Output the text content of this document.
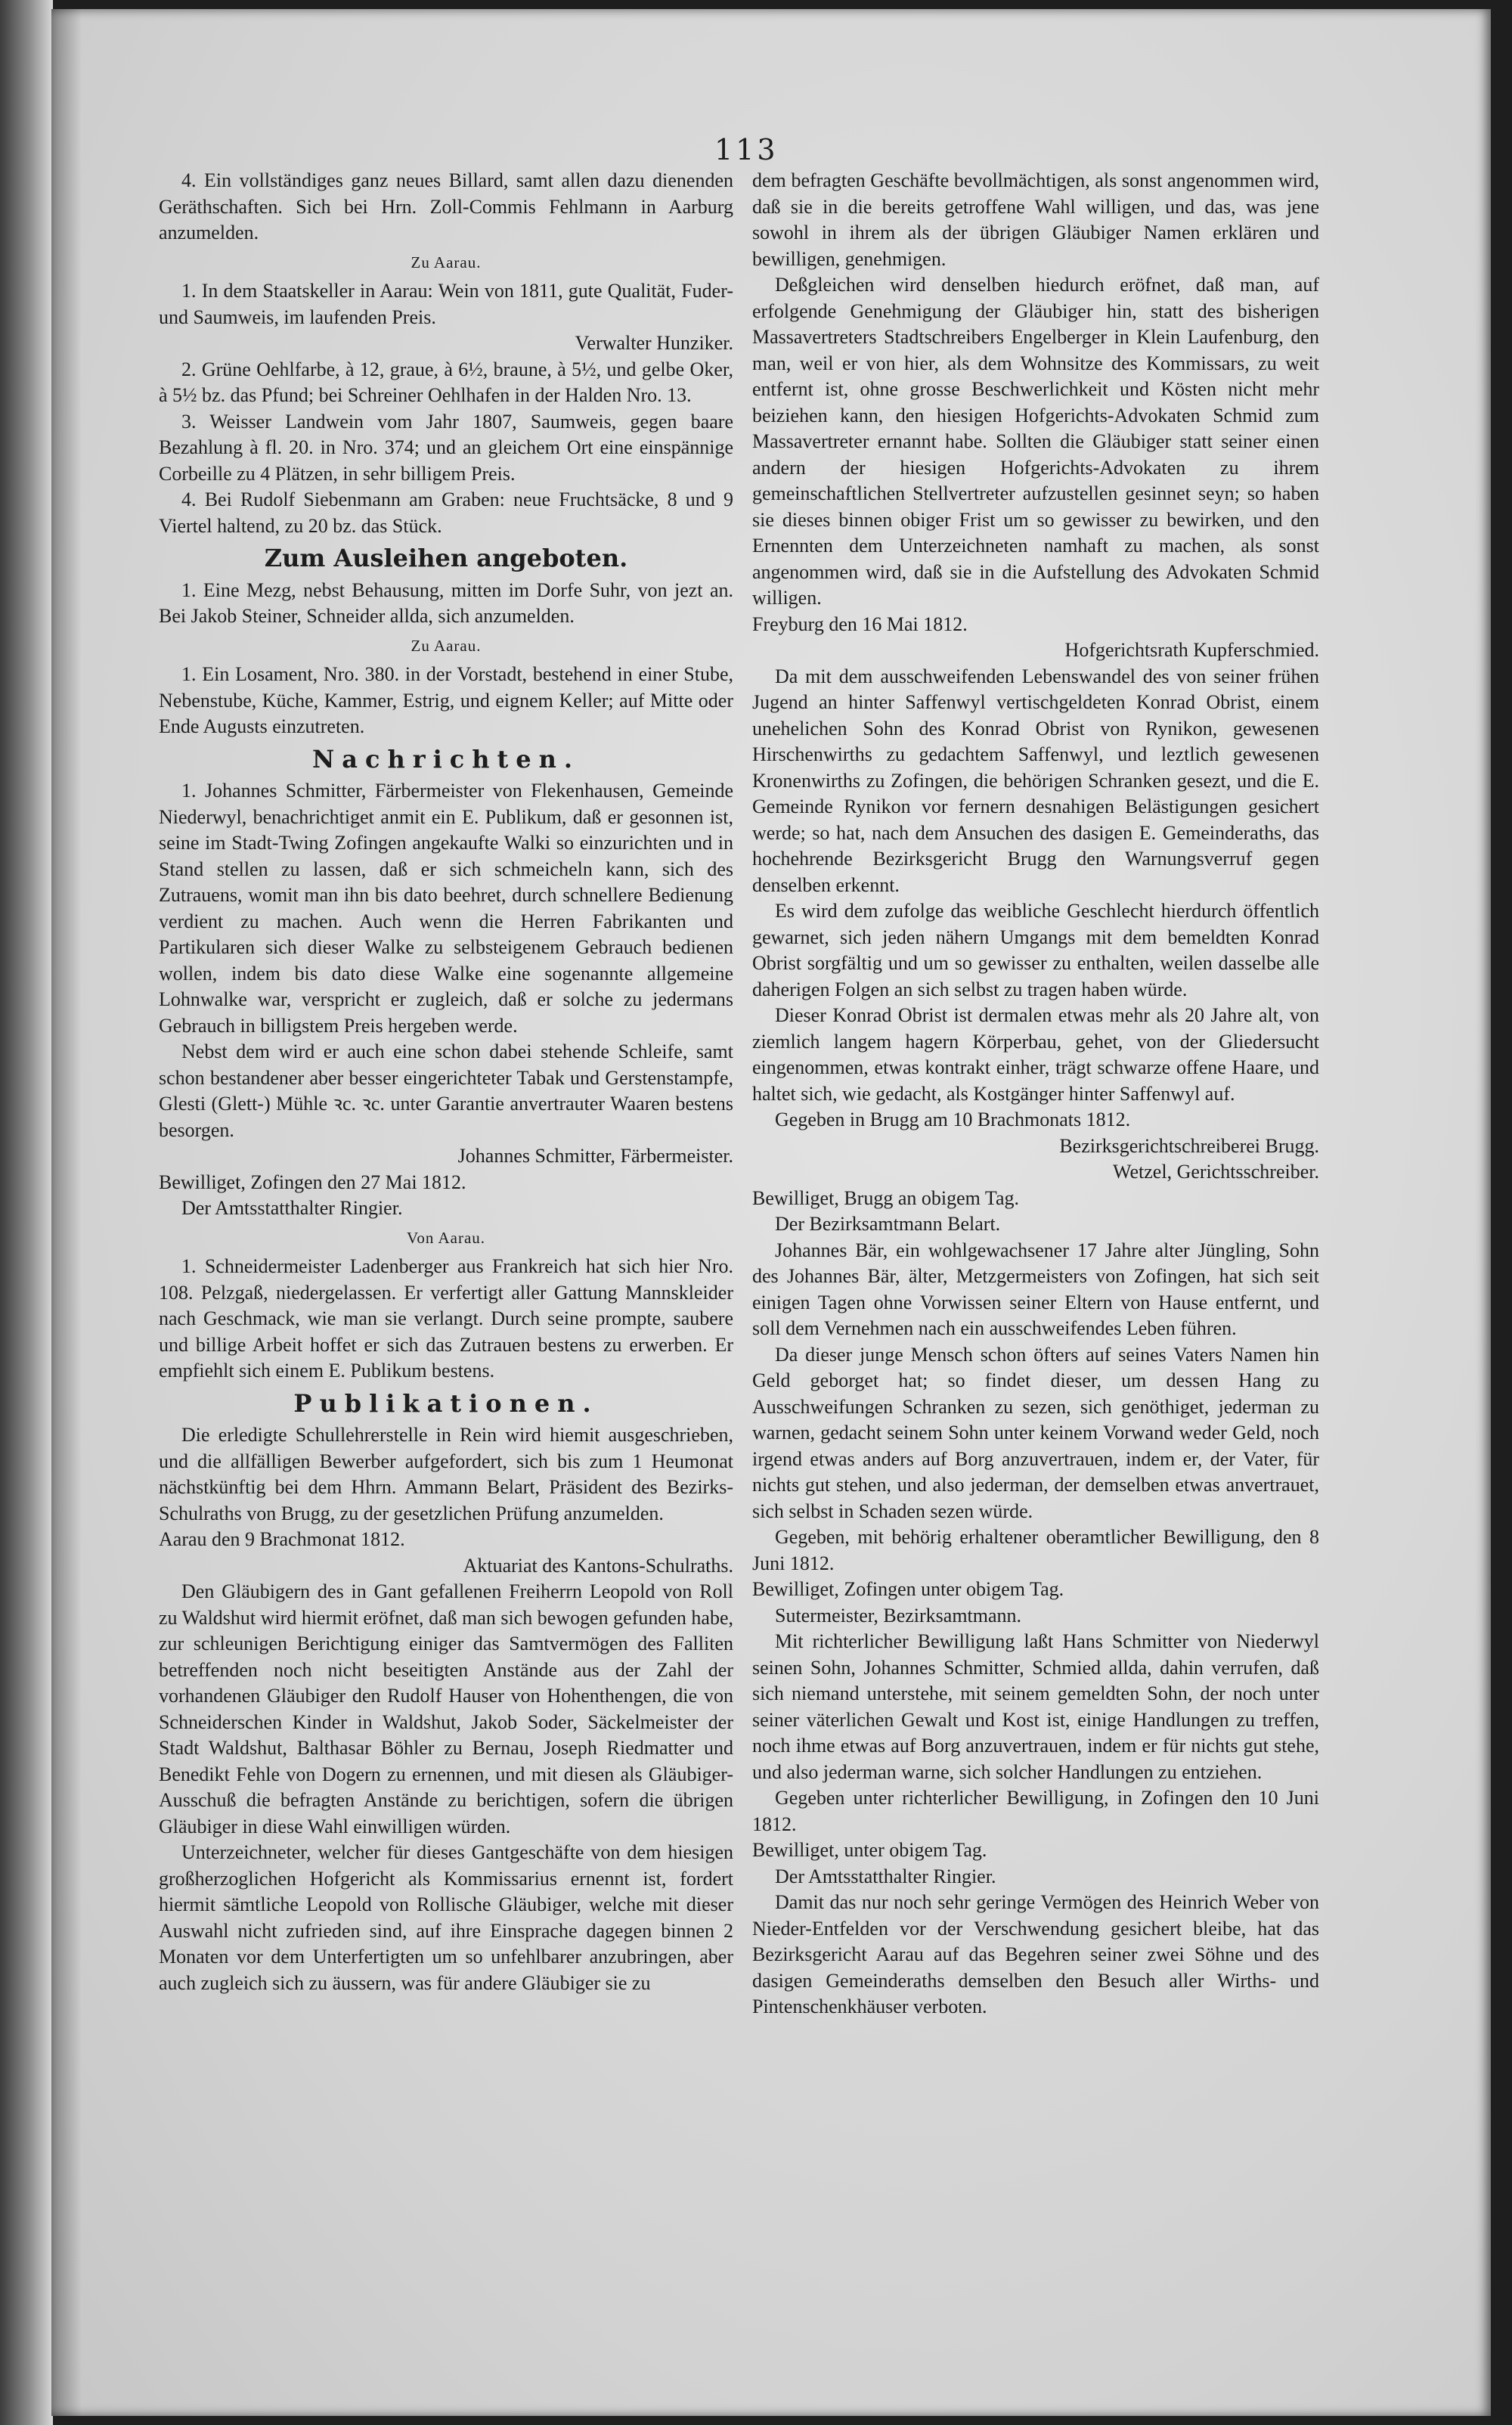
113

4. Ein vollständiges ganz neues Billard, samt allen dazu dienenden Geräthschaften. Sich bei Hrn. Zoll-Commis Fehlmann in Aarburg anzumelden.

Zu Aarau.

1. In dem Staatskeller in Aarau: Wein von 1811, gute Qualität, Fuder- und Saumweis, im laufenden Preis.

Verwalter Hunziker.

2. Grüne Oehlfarbe, à 12, graue, à 6½, braune, à 5½, und gelbe Oker, à 5½ bz. das Pfund; bei Schreiner Oehlhafen in der Halden Nro. 13.

3. Weisser Landwein vom Jahr 1807, Saumweis, gegen baare Bezahlung à fl. 20. in Nro. 374; und an gleichem Ort eine einspännige Corbeille zu 4 Plätzen, in sehr billigem Preis.

4. Bei Rudolf Siebenmann am Graben: neue Fruchtsäcke, 8 und 9 Viertel haltend, zu 20 bz. das Stück.

Zum Ausleihen angeboten.

1. Eine Mezg, nebst Behausung, mitten im Dorfe Suhr, von jezt an. Bei Jakob Steiner, Schneider allda, sich anzumelden.

Zu Aarau.

1. Ein Losament, Nro. 380. in der Vorstadt, bestehend in einer Stube, Nebenstube, Küche, Kammer, Estrig, und eignem Keller; auf Mitte oder Ende Augusts einzutreten.

Nachrichten.

1. Johannes Schmitter, Färbermeister von Flekenhausen, Gemeinde Niederwyl, benachrichtiget anmit ein E. Publikum, daß er gesonnen ist, seine im Stadt-Twing Zofingen angekaufte Walki so einzurichten und in Stand stellen zu lassen, daß er sich schmeicheln kann, sich des Zutrauens, womit man ihn bis dato beehret, durch schnellere Bedienung verdient zu machen. Auch wenn die Herren Fabrikanten und Partikularen sich dieser Walke zu selbsteigenem Gebrauch bedienen wollen, indem bis dato diese Walke eine sogenannte allgemeine Lohnwalke war, verspricht er zugleich, daß er solche zu jedermans Gebrauch in billigstem Preis hergeben werde.

Nebst dem wird er auch eine schon dabei stehende Schleife, samt schon bestandener aber besser eingerichteter Tabak und Gerstenstampfe, Glesti (Glett-) Mühle ꝛc. ꝛc. unter Garantie anvertrauter Waaren bestens besorgen.

Johannes Schmitter, Färbermeister.

Bewilliget, Zofingen den 27 Mai 1812.

Der Amtsstatthalter Ringier.

Von Aarau.

1. Schneidermeister Ladenberger aus Frankreich hat sich hier Nro. 108. Pelzgaß, niedergelassen. Er verfertigt aller Gattung Mannskleider nach Geschmack, wie man sie verlangt. Durch seine prompte, saubere und billige Arbeit hoffet er sich das Zutrauen bestens zu erwerben. Er empfiehlt sich einem E. Publikum bestens.

Publikationen.

Die erledigte Schullehrerstelle in Rein wird hiemit ausgeschrieben, und die allfälligen Bewerber aufgefordert, sich bis zum 1 Heumonat nächstkünftig bei dem Hhrn. Ammann Belart, Präsident des Bezirks-Schulraths von Brugg, zu der gesetzlichen Prüfung anzumelden.

Aarau den 9 Brachmonat 1812.

Aktuariat des Kantons-Schulraths.

Den Gläubigern des in Gant gefallenen Freiherrn Leopold von Roll zu Waldshut wird hiermit eröfnet, daß man sich bewogen gefunden habe, zur schleunigen Berichtigung einiger das Samtvermögen des Falliten betreffenden noch nicht beseitigten Anstände aus der Zahl der vorhandenen Gläubiger den Rudolf Hauser von Hohenthengen, die von Schneiderschen Kinder in Waldshut, Jakob Soder, Säckelmeister der Stadt Waldshut, Balthasar Böhler zu Bernau, Joseph Riedmatter und Benedikt Fehle von Dogern zu ernennen, und mit diesen als Gläubiger-Ausschuß die befragten Anstände zu berichtigen, sofern die übrigen Gläubiger in diese Wahl einwilligen würden.

Unterzeichneter, welcher für dieses Gantgeschäfte von dem hiesigen großherzoglichen Hofgericht als Kommissarius ernennt ist, fordert hiermit sämtliche Leopold von Rollische Gläubiger, welche mit dieser Auswahl nicht zufrieden sind, auf ihre Einsprache dagegen binnen 2 Monaten vor dem Unterfertigten um so unfehlbarer anzubringen, aber auch zugleich sich zu äussern, was für andere Gläubiger sie zu

dem befragten Geschäfte bevollmächtigen, als sonst angenommen wird, daß sie in die bereits getroffene Wahl willigen, und das, was jene sowohl in ihrem als der übrigen Gläubiger Namen erklären und bewilligen, genehmigen.

Deßgleichen wird denselben hiedurch eröfnet, daß man, auf erfolgende Genehmigung der Gläubiger hin, statt des bisherigen Massavertreters Stadtschreibers Engelberger in Klein Laufenburg, den man, weil er von hier, als dem Wohnsitze des Kommissars, zu weit entfernt ist, ohne grosse Beschwerlichkeit und Kösten nicht mehr beiziehen kann, den hiesigen Hofgerichts-Advokaten Schmid zum Massavertreter ernannt habe. Sollten die Gläubiger statt seiner einen andern der hiesigen Hofgerichts-Advokaten zu ihrem gemeinschaftlichen Stellvertreter aufzustellen gesinnet seyn; so haben sie dieses binnen obiger Frist um so gewisser zu bewirken, und den Ernennten dem Unterzeichneten namhaft zu machen, als sonst angenommen wird, daß sie in die Aufstellung des Advokaten Schmid willigen.

Freyburg den 16 Mai 1812.

Hofgerichtsrath Kupferschmied.

Da mit dem ausschweifenden Lebenswandel des von seiner frühen Jugend an hinter Saffenwyl vertischgeldeten Konrad Obrist, einem unehelichen Sohn des Konrad Obrist von Rynikon, gewesenen Hirschenwirths zu gedachtem Saffenwyl, und leztlich gewesenen Kronenwirths zu Zofingen, die behörigen Schranken gesezt, und die E. Gemeinde Rynikon vor fernern desnahigen Belästigungen gesichert werde; so hat, nach dem Ansuchen des dasigen E. Gemeinderaths, das hochehrende Bezirksgericht Brugg den Warnungsverruf gegen denselben erkennt.

Es wird dem zufolge das weibliche Geschlecht hierdurch öffentlich gewarnet, sich jeden nähern Umgangs mit dem bemeldten Konrad Obrist sorgfältig und um so gewisser zu enthalten, weilen dasselbe alle daherigen Folgen an sich selbst zu tragen haben würde.

Dieser Konrad Obrist ist dermalen etwas mehr als 20 Jahre alt, von ziemlich langem hagern Körperbau, gehet, von der Gliedersucht eingenommen, etwas kontrakt einher, trägt schwarze offene Haare, und haltet sich, wie gedacht, als Kostgänger hinter Saffenwyl auf.

Gegeben in Brugg am 10 Brachmonats 1812.

Bezirksgerichtschreiberei Brugg.

Wetzel, Gerichtsschreiber.

Bewilliget, Brugg an obigem Tag.

Der Bezirksamtmann Belart.

Johannes Bär, ein wohlgewachsener 17 Jahre alter Jüngling, Sohn des Johannes Bär, älter, Metzgermeisters von Zofingen, hat sich seit einigen Tagen ohne Vorwissen seiner Eltern von Hause entfernt, und soll dem Vernehmen nach ein ausschweifendes Leben führen.

Da dieser junge Mensch schon öfters auf seines Vaters Namen hin Geld geborget hat; so findet dieser, um dessen Hang zu Ausschweifungen Schranken zu sezen, sich genöthiget, jederman zu warnen, gedacht seinem Sohn unter keinem Vorwand weder Geld, noch irgend etwas anders auf Borg anzuvertrauen, indem er, der Vater, für nichts gut stehen, und also jederman, der demselben etwas anvertrauet, sich selbst in Schaden sezen würde.

Gegeben, mit behörig erhaltener oberamtlicher Bewilligung, den 8 Juni 1812.

Bewilliget, Zofingen unter obigem Tag.

Sutermeister, Bezirksamtmann.

Mit richterlicher Bewilligung laßt Hans Schmitter von Niederwyl seinen Sohn, Johannes Schmitter, Schmied allda, dahin verrufen, daß sich niemand unterstehe, mit seinem gemeldten Sohn, der noch unter seiner väterlichen Gewalt und Kost ist, einige Handlungen zu treffen, noch ihme etwas auf Borg anzuvertrauen, indem er für nichts gut stehe, und also jederman warne, sich solcher Handlungen zu entziehen.

Gegeben unter richterlicher Bewilligung, in Zofingen den 10 Juni 1812.

Bewilliget, unter obigem Tag.

Der Amtsstatthalter Ringier.

Damit das nur noch sehr geringe Vermögen des Heinrich Weber von Nieder-Entfelden vor der Verschwendung gesichert bleibe, hat das Bezirksgericht Aarau auf das Begehren seiner zwei Söhne und des dasigen Gemeinderaths demselben den Besuch aller Wirths- und Pintenschenkhäuser verboten.
